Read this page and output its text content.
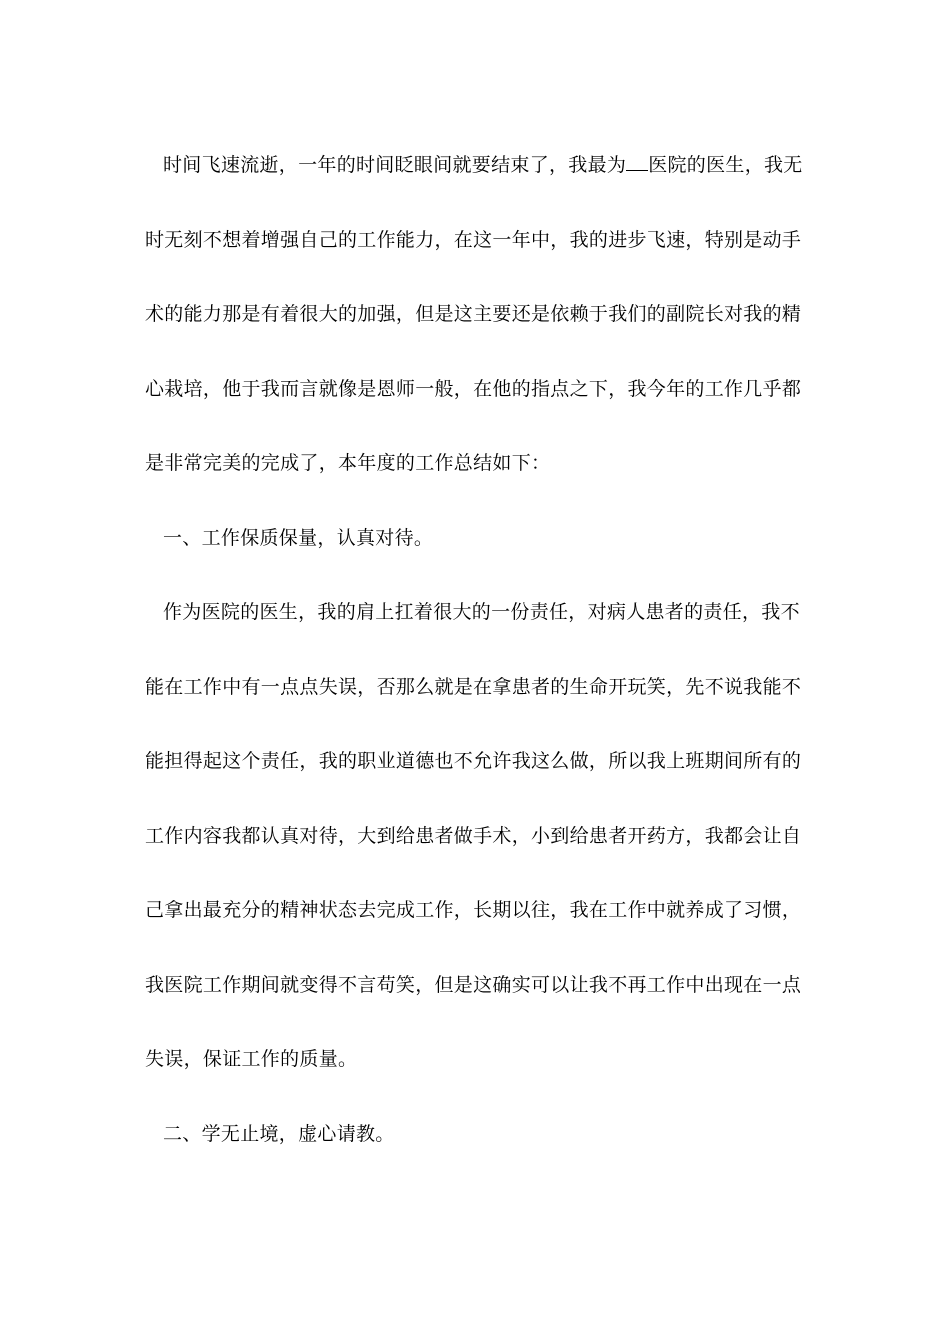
时间飞速流逝，一年的时间眨眼间就要结束了，我最为 医院的医生，我无
时无刻不想着增强自己的工作能力，在这一年中，我的进步飞速，特别是动手
术的能力那是有着很大的加强，但是这主要还是依赖于我们的副院长对我的精
心栽培，他于我而言就像是恩师一般，在他的指点之下，我今年的工作几乎都
是非常完美的完成了，本年度的工作总结如下：
一、工作保质保量，认真对待。
作为医院的医生，我的肩上扛着很大的一份责任，对病人患者的责任，我不
能在工作中有一点点失误，否那么就是在拿患者的生命开玩笑，先不说我能不
能担得起这个责任，我的职业道德也不允许我这么做，所以我上班期间所有的
工作内容我都认真对待，大到给患者做手术，小到给患者开药方，我都会让自
己拿出最充分的精神状态去完成工作，长期以往，我在工作中就养成了习惯，
我医院工作期间就变得不言苟笑，但是这确实可以让我不再工作中出现在一点
失误，保证工作的质量。
二、学无止境，虚心请教。
